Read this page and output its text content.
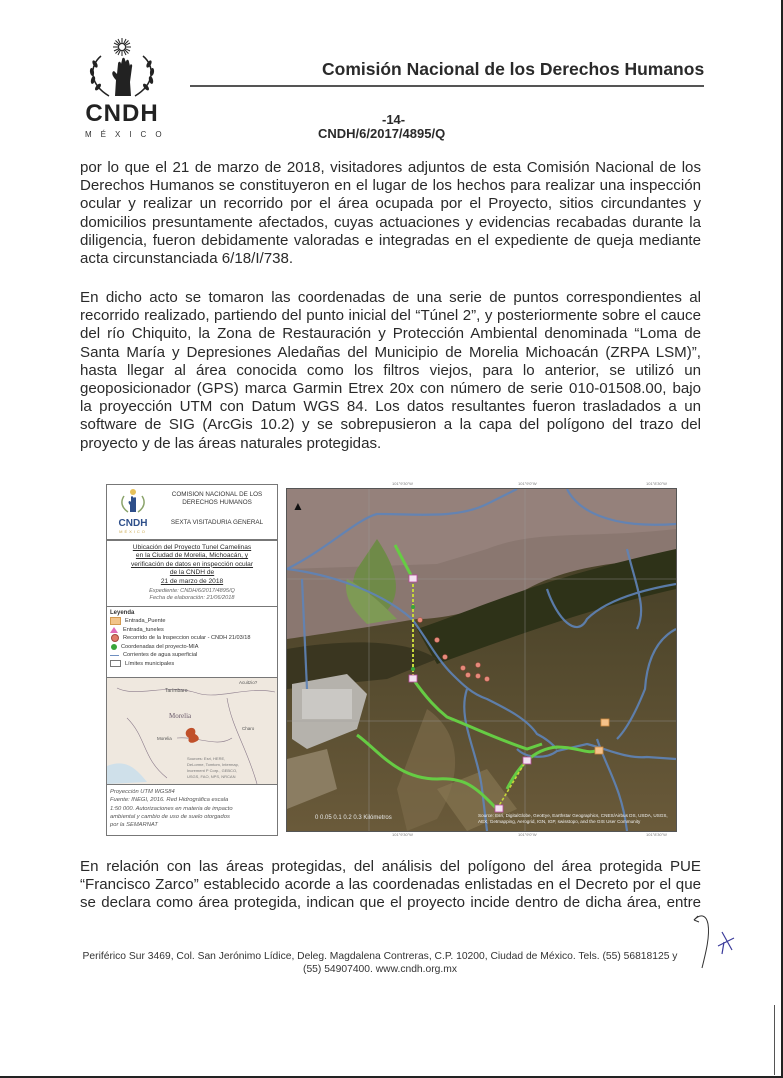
CNDH
MÉXICO
Comisión Nacional de los Derechos Humanos
-14-
CNDH/6/2017/4895/Q
por lo que el 21 de marzo de 2018, visitadores adjuntos de esta Comisión Nacional de los
Derechos Humanos se constituyeron en el lugar de los hechos para realizar una inspección
ocular y realizar un recorrido por el área ocupada por el Proyecto, sitios circundantes y
domicilios presuntamente afectados, cuyas actuaciones y evidencias recabadas durante la
diligencia, fueron debidamente valoradas e integradas en el expediente de queja mediante
acta circunstanciada 6/18/I/738.
En dicho acto se tomaron las coordenadas de una serie de puntos correspondientes al
recorrido realizado, partiendo del punto inicial del “Túnel 2”, y posteriormente sobre el cauce
del río Chiquito, la Zona de Restauración y Protección Ambiental denominada “Loma de
Santa María y Depresiones Aledañas del Municipio de Morelia Michoacán (ZRPA LSM)”,
hasta llegar al área conocida como los filtros viejos, para lo anterior, se utilizó un
geoposicionador (GPS) marca Garmin Etrex 20x con número de serie 010-01508.00, bajo
la proyección UTM con Datum WGS 84. Los datos resultantes fueron trasladados a un
software de SIG (ArcGis 10.2) y se sobrepusieron a la capa del polígono del trazo del
proyecto y de las áreas naturales protegidas.
CNDH
MÉXICO
COMISION NACIONAL DE LOS DERECHOS HUMANOS
SEXTA VISITADURIA GENERAL
Ubicación del Proyecto Tunel Camelinas
en la Ciudad de Morelia, Michoacán, y
verificación de datos en inspección ocular
de la CNDH de
21 de marzo de 2018
Expediente: CNDH/6/2017/4895/Q
Fecha de elaboración: 21/06/2018
Leyenda
Entrada_Puente
Entrada_tuneles
Recorrido de la Inspeccion ocular - CNDH 21/03/18
Coordenadas del proyecto-MIA
Corrientes de agua superficial
Límites municipales
Tarímbaro
Acuitzio?
Morelia
Morelia
Charo
Sources: Esri, HERE,
DeLorme, Tomtom, Intermap,
Increment P Corp., GEBCO,
USGS, FAO, NPS, NRCAN
Proyección UTM WGS84
Fuente: INEGI, 2016. Red Hidrográfica escala
1:50 000. Autorizaciones en materia de impacto
ambiental y cambio de uso de suelo otorgados
por la SEMARNAT
▲
0 0.05 0.1 0.2 0.3 Kilómetros	Source: Esri, DigitalGlobe, GeoEye, Earthstar Geographics, CNES/Airbus DS, USDA, USGS, AEX, Getmapping, Aerogrid, IGN, IGP, swisstopo, and the GIS User Community
101°9'30"W	101°9'0"W	101°8'30"W
101°9'30"W	101°9'0"W	101°8'30"W
En relación con las áreas protegidas, del análisis del polígono del área protegida PUE
“Francisco Zarco” establecido acorde a las coordenadas enlistadas en el Decreto por el que
se declara como área protegida, indican que el proyecto incide dentro de dicha área, entre
Periférico Sur 3469, Col. San Jerónimo Lídice, Deleg. Magdalena Contreras, C.P. 10200, Ciudad de México. Tels. (55) 56818125 y
(55) 54907400. www.cndh.org.mx
